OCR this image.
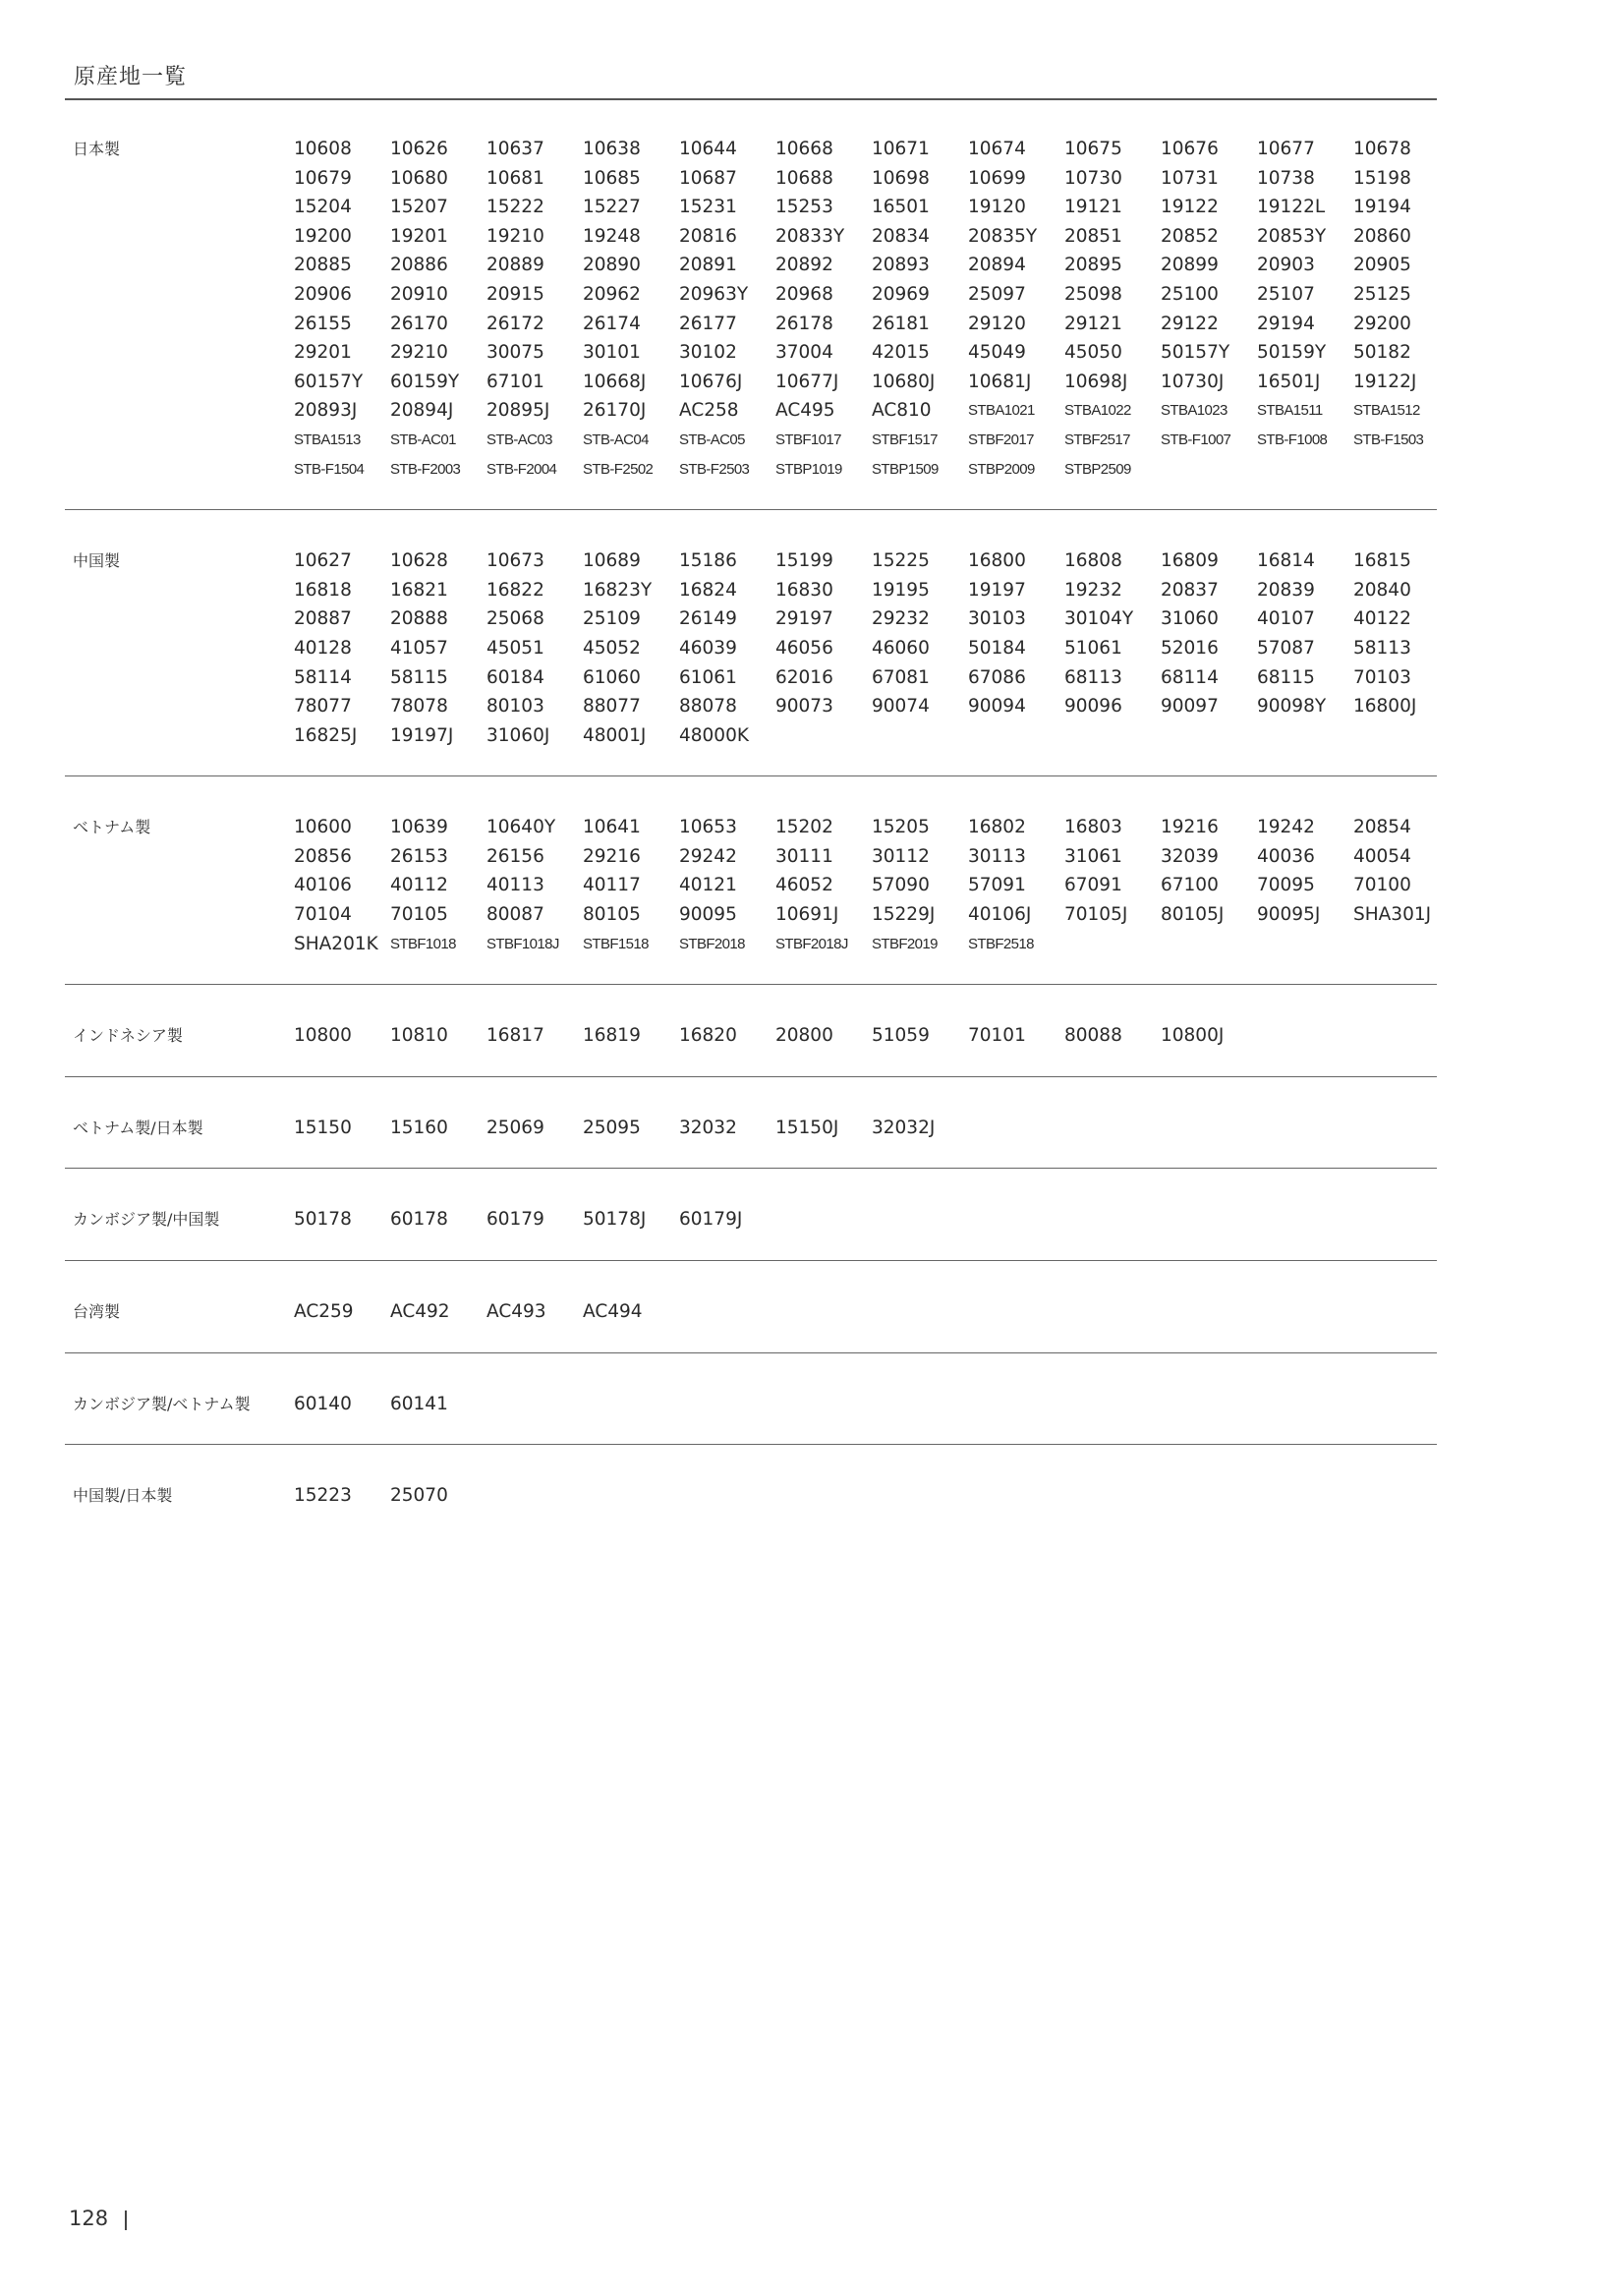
原産地一覧
日本製	10608	10626	10637	10638	10644	10668	10671	10674	10675	10676	10677	10678
10679	10680	10681	10685	10687	10688	10698	10699	10730	10731	10738	15198
15204	15207	15222	15227	15231	15253	16501	19120	19121	19122	19122L	19194
19200	19201	19210	19248	20816	20833Y	20834	20835Y	20851	20852	20853Y	20860
20885	20886	20889	20890	20891	20892	20893	20894	20895	20899	20903	20905
20906	20910	20915	20962	20963Y	20968	20969	25097	25098	25100	25107	25125
26155	26170	26172	26174	26177	26178	26181	29120	29121	29122	29194	29200
29201	29210	30075	30101	30102	37004	42015	45049	45050	50157Y	50159Y	50182
60157Y	60159Y	67101	10668J	10676J	10677J	10680J	10681J	10698J	10730J	16501J	19122J
20893J	20894J	20895J	26170J	AC258	AC495	AC810	STBA1021	STBA1022	STBA1023	STBA1511	STBA1512
STBA1513	STB-AC01	STB-AC03	STB-AC04	STB-AC05	STBF1017	STBF1517	STBF2017	STBF2517	STB-F1007	STB-F1008	STB-F1503
STB-F1504	STB-F2003	STB-F2004	STB-F2502	STB-F2503	STBP1019	STBP1509	STBP2009	STBP2509
中国製	10627	10628	10673	10689	15186	15199	15225	16800	16808	16809	16814	16815
16818	16821	16822	16823Y	16824	16830	19195	19197	19232	20837	20839	20840
20887	20888	25068	25109	26149	29197	29232	30103	30104Y	31060	40107	40122
40128	41057	45051	45052	46039	46056	46060	50184	51061	52016	57087	58113
58114	58115	60184	61060	61061	62016	67081	67086	68113	68114	68115	70103
78077	78078	80103	88077	88078	90073	90074	90094	90096	90097	90098Y	16800J
16825J	19197J	31060J	48001J	48000K
ベトナム製	10600	10639	10640Y	10641	10653	15202	15205	16802	16803	19216	19242	20854
20856	26153	26156	29216	29242	30111	30112	30113	31061	32039	40036	40054
40106	40112	40113	40117	40121	46052	57090	57091	67091	67100	70095	70100
70104	70105	80087	80105	90095	10691J	15229J	40106J	70105J	80105J	90095J	SHA301J
SHA201K STBF1018	STBF1018J	STBF1518	STBF2018	STBF2018J	STBF2019	STBF2518
インドネシア製	10800	10810	16817	16819	16820	20800	51059	70101	80088	10800J
ベトナム製/日本製	15150	15160	25069	25095	32032	15150J	32032J
カンボジア製/中国製	50178	60178	60179	50178J	60179J
台湾製	AC259	AC492	AC493	AC494
カンボジア製/ベトナム製 60140	60141
中国製/日本製	15223	25070
128
